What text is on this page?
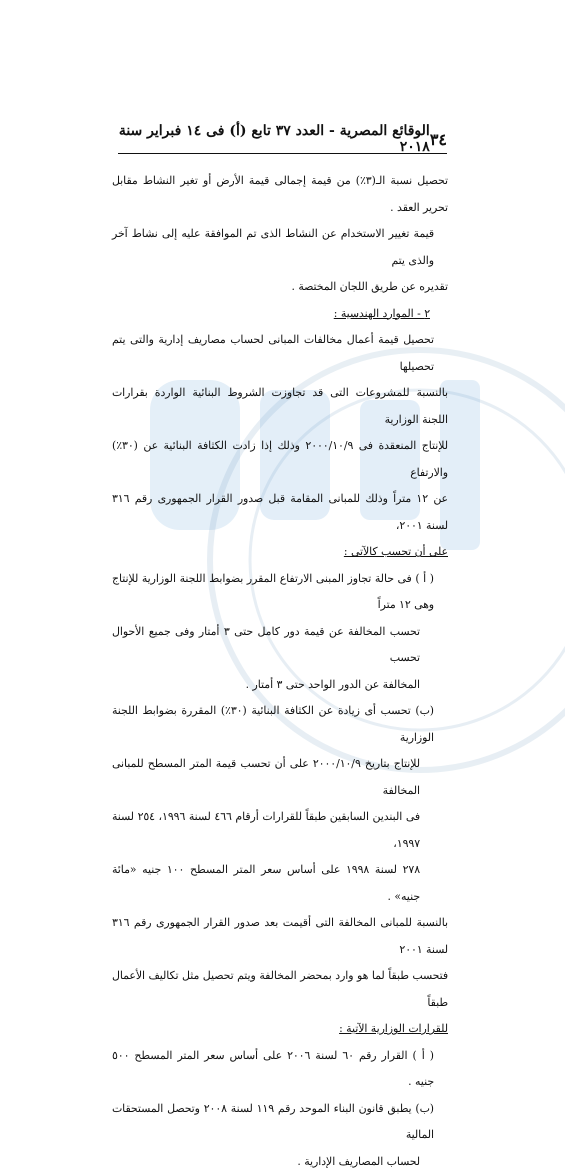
الوقائع المصرية - العدد ٣٧ تابع (أ) فى ١٤ فبراير سنة ٢٠١٨ ٣٤

تحصيل نسبة الـ(٣٪) من قيمة إجمالى قيمة الأرض أو تغير النشاط مقابل تحرير العقد .

قيمة تغيير الاستخدام عن النشاط الذى تم الموافقة عليه إلى نشاط آخر والذى يتم

تقديره عن طريق اللجان المختصة .

٢ - الموارد الهندسية :

تحصيل قيمة أعمال مخالفات المبانى لحساب مصاريف إدارية والتى يتم تحصيلها

بالنسبة للمشروعات التى قد تجاوزت الشروط البنائية الواردة بقرارات اللجنة الوزارية

للإنتاج المنعقدة فى ٢٠٠٠/١٠/٩ وذلك إذا زادت الكثافة البنائية عن (٣٠٪) والارتفاع

عن ١٢ متراً وذلك للمبانى المقامة قبل صدور القرار الجمهورى رقم ٣١٦ لسنة ٢٠٠١،

على أن تحسب كالآتى :

( أ ) فى حالة تجاوز المبنى الارتفاع المقرر بضوابط اللجنة الوزارية للإنتاج وهى ١٢ متراً

تحسب المخالفة عن قيمة دور كامل حتى ٣ أمتار وفى جميع الأحوال تحسب

المخالفة عن الدور الواحد حتى ٣ أمتار .

(ب) تحسب أى زيادة عن الكثافة البنائية (٣٠٪) المقررة بضوابط اللجنة الوزارية

للإنتاج بتاريخ ٢٠٠٠/١٠/٩ على أن تحسب قيمة المتر المسطح للمبانى المخالفة

فى البندين السابقين طبقاً للقرارات أرقام ٤٦٦ لسنة ١٩٩٦، ٢٥٤ لسنة ١٩٩٧،

٢٧٨ لسنة ١٩٩٨ على أساس سعر المتر المسطح ١٠٠ جنيه «مائة جنيه» .

بالنسبة للمبانى المخالفة التى أقيمت بعد صدور القرار الجمهورى رقم ٣١٦ لسنة ٢٠٠١

فتحسب طبقاً لما هو وارد بمحضر المخالفة ويتم تحصيل مثل تكاليف الأعمال طبقاً

للقرارات الوزارية الآتية :

( أ ) القرار رقم ٦٠ لسنة ٢٠٠٦ على أساس سعر المتر المسطح ٥٠٠ جنيه .

(ب) يطبق قانون البناء الموحد رقم ١١٩ لسنة ٢٠٠٨ وتحصل المستحقات المالية

لحساب المصاريف الإدارية .
